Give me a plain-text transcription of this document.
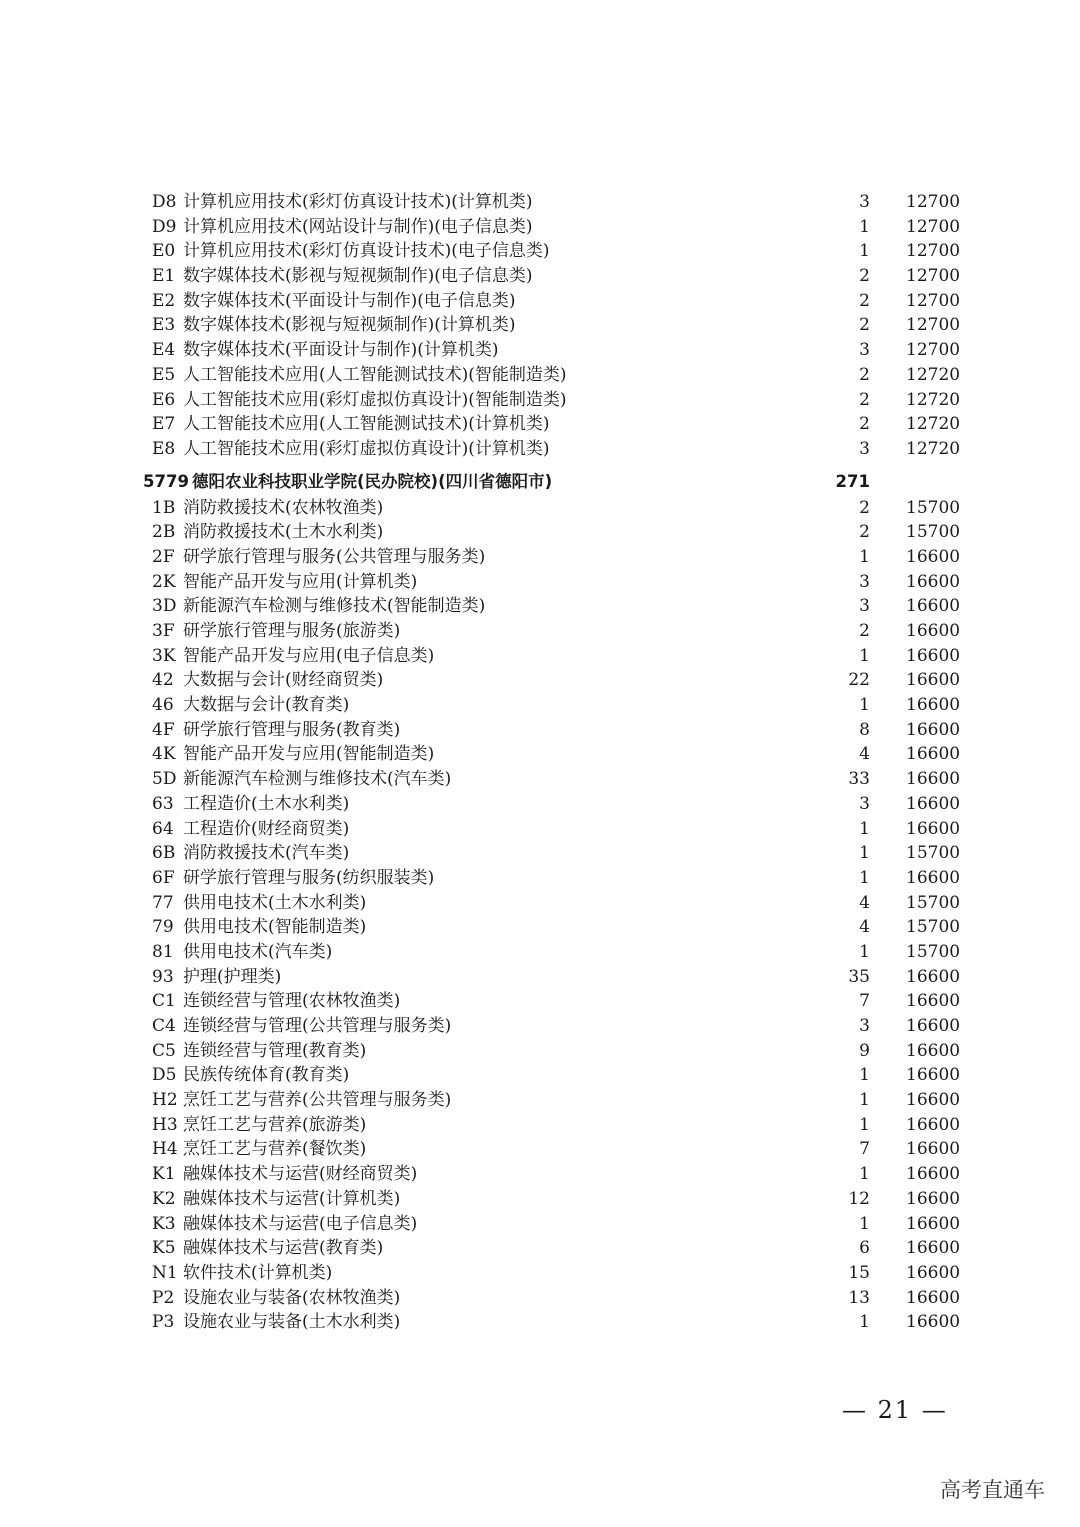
D8 计算机应用技术(彩灯仿真设计技术)(计算机类)	3 12700
D9 计算机应用技术(网站设计与制作)(电子信息类)	1 12700
E0 计算机应用技术(彩灯仿真设计技术)(电子信息类)	1 12700
E1 数字媒体技术(影视与短视频制作)(电子信息类)	2 12700
E2 数字媒体技术(平面设计与制作)(电子信息类)	2 12700
E3 数字媒体技术(影视与短视频制作)(计算机类)	2 12700
E4 数字媒体技术(平面设计与制作)(计算机类)	3 12700
E5 人工智能技术应用(人工智能测试技术)(智能制造类)	2 12720
E6 人工智能技术应用(彩灯虚拟仿真设计)(智能制造类)	2 12720
E7 人工智能技术应用(人工智能测试技术)(计算机类)	2 12720
E8 人工智能技术应用(彩灯虚拟仿真设计)(计算机类)	3 12720
5779 德阳农业科技职业学院(民办院校)(四川省德阳市)	271
1B 消防救援技术(农林牧渔类)	2 15700
2B 消防救援技术(土木水利类)	2 15700
2F 研学旅行管理与服务(公共管理与服务类)	1 16600
2K 智能产品开发与应用(计算机类)	3 16600
3D 新能源汽车检测与维修技术(智能制造类)	3 16600
3F 研学旅行管理与服务(旅游类)	2 16600
3K 智能产品开发与应用(电子信息类)	1 16600
42 大数据与会计(财经商贸类)	22 16600
46 大数据与会计(教育类)	1 16600
4F 研学旅行管理与服务(教育类)	8 16600
4K 智能产品开发与应用(智能制造类)	4 16600
5D 新能源汽车检测与维修技术(汽车类)	33 16600
63 工程造价(土木水利类)	3 16600
64 工程造价(财经商贸类)	1 16600
6B 消防救援技术(汽车类)	1 15700
6F 研学旅行管理与服务(纺织服装类)	1 16600
77 供用电技术(土木水利类)	4 15700
79 供用电技术(智能制造类)	4 15700
81 供用电技术(汽车类)	1 15700
93 护理(护理类)	35 16600
C1 连锁经营与管理(农林牧渔类)	7 16600
C4 连锁经营与管理(公共管理与服务类)	3 16600
C5 连锁经营与管理(教育类)	9 16600
D5 民族传统体育(教育类)	1 16600
H2 烹饪工艺与营养(公共管理与服务类)	1 16600
H3 烹饪工艺与营养(旅游类)	1 16600
H4 烹饪工艺与营养(餐饮类)	7 16600
K1 融媒体技术与运营(财经商贸类)	1 16600
K2 融媒体技术与运营(计算机类)	12 16600
K3 融媒体技术与运营(电子信息类)	1 16600
K5 融媒体技术与运营(教育类)	6 16600
N1 软件技术(计算机类)	15 16600
P2 设施农业与装备(农林牧渔类)	13 16600
P3 设施农业与装备(土木水利类)	1 16600
— 21 —
高考直通车
